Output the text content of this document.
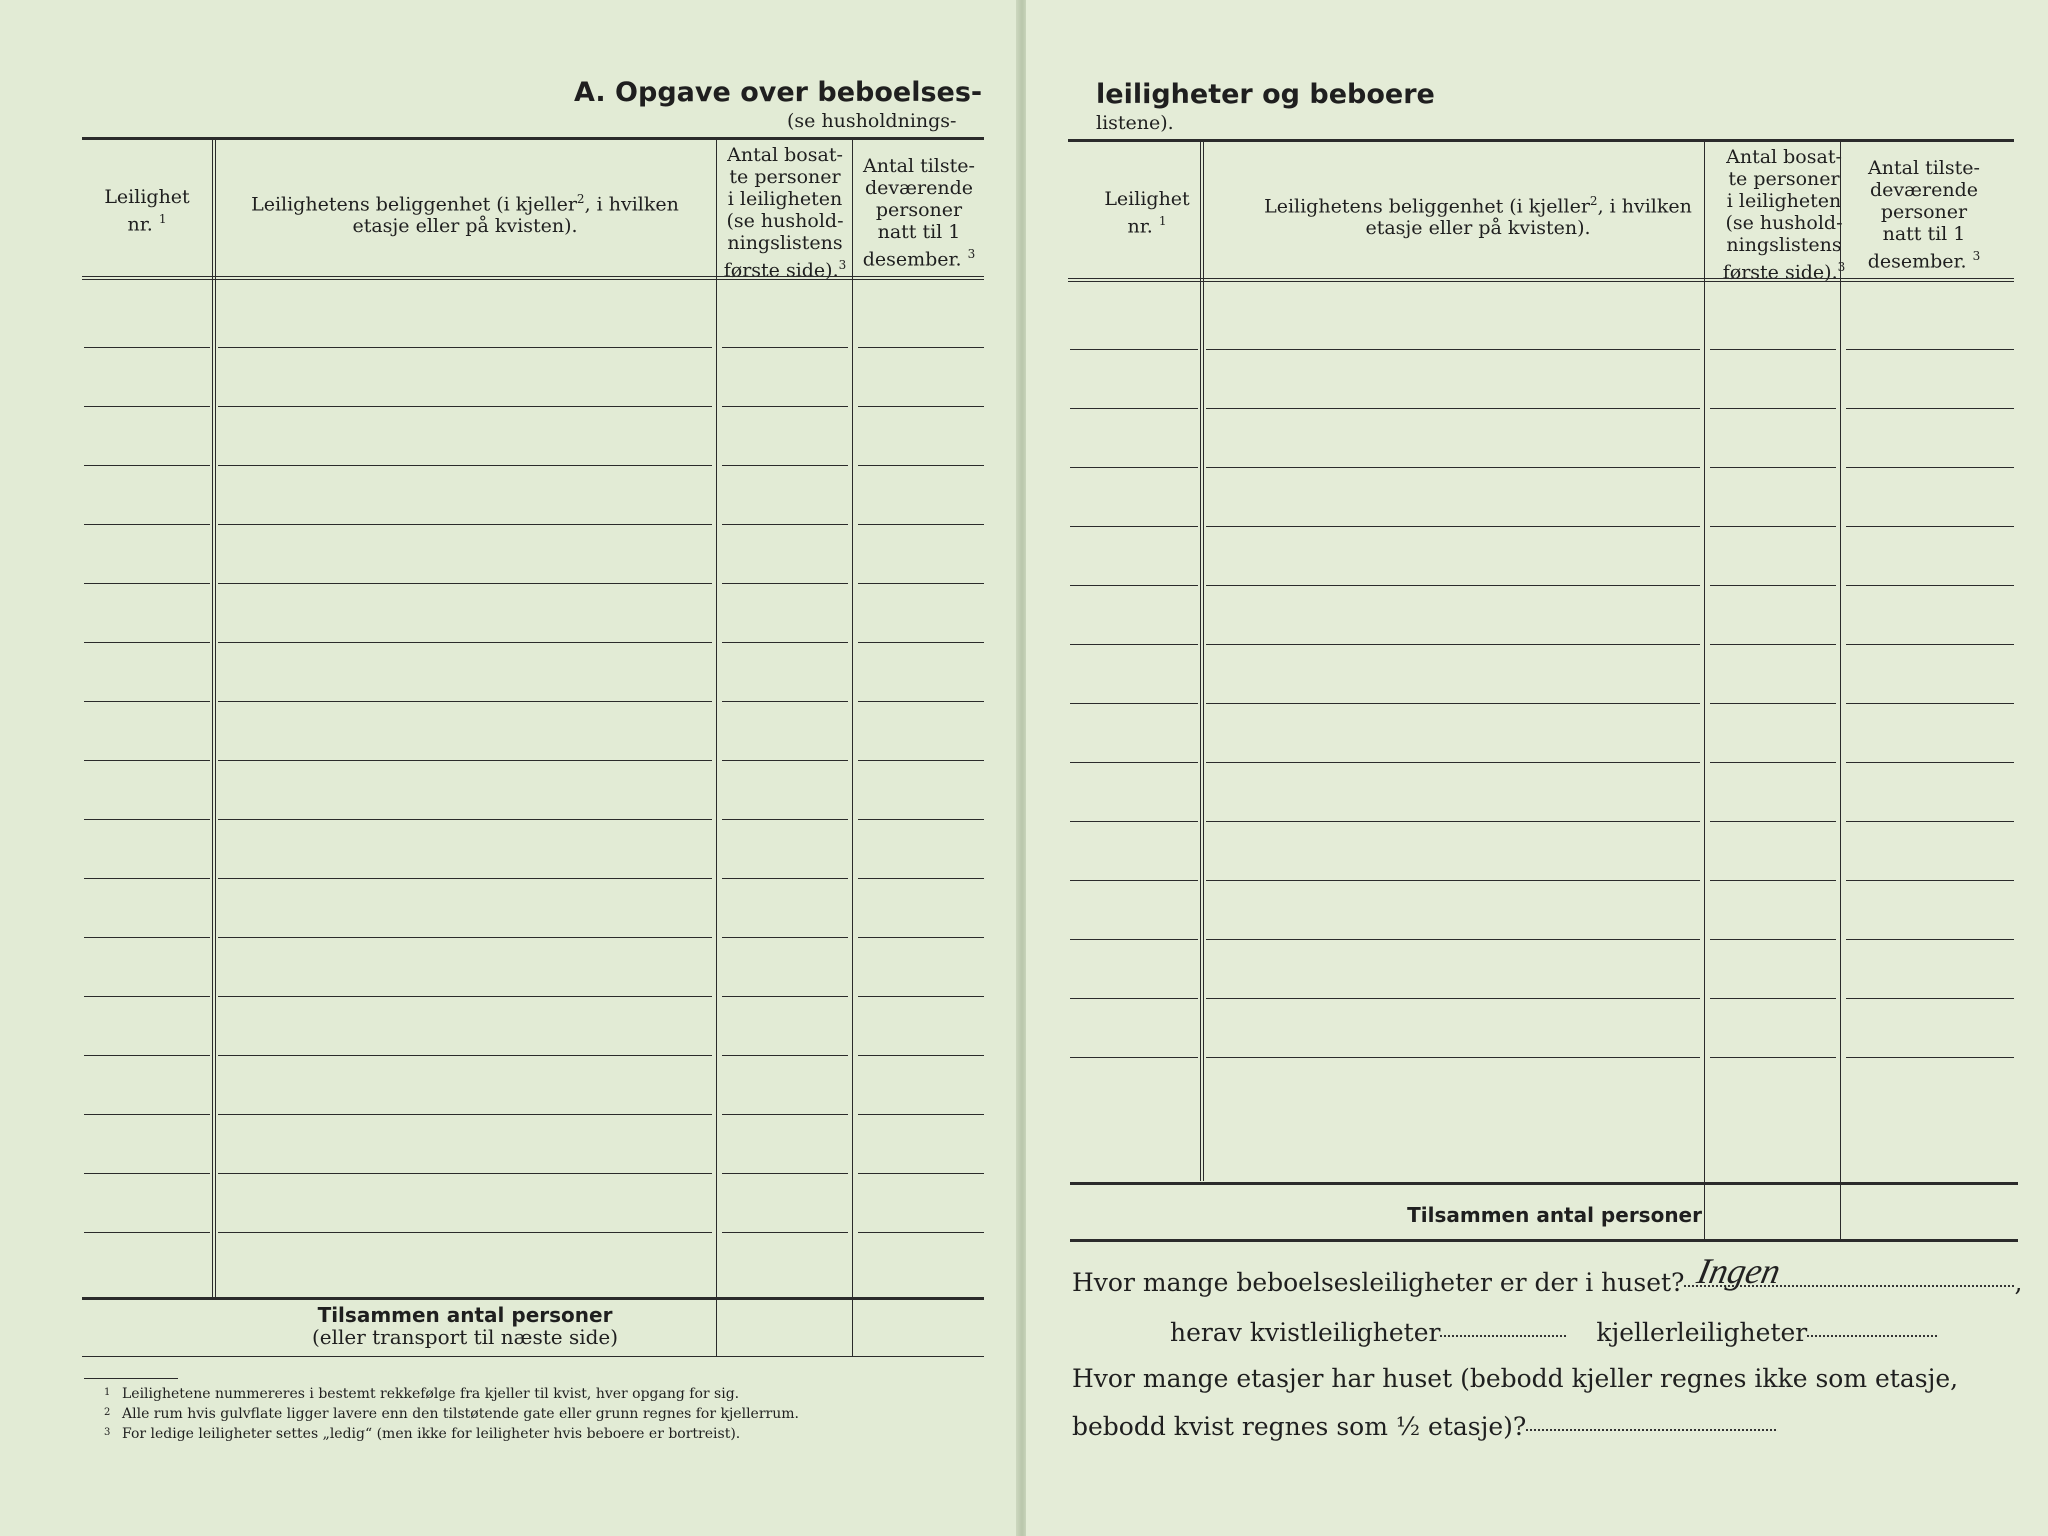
A. Opgave over beboelses-
(se husholdnings-
Leilighet
nr. $^1$
Leilighetens beliggenhet (i kjeller$^2$, i hvilken
etasje eller på kvisten).
Antal bosat-
te personer
i leiligheten
(se hushold-
ningslistens
første side).$^3$
Antal tilste-
deværende
personer
natt til 1
desember. $^3$
Tilsammen antal personer
(eller transport til næste side)
1 Leilighetene nummereres i bestemt rekkefølge fra kjeller til kvist, hver opgang for sig.
2 Alle rum hvis gulvflate ligger lavere enn den tilstøtende gate eller grunn regnes for kjellerrum.
3 For ledige leiligheter settes „ledig“ (men ikke for leiligheter hvis beboere er bortreist).
leiligheter og beboere
listene).
Leilighet
nr. $^1$
Leilighetens beliggenhet (i kjeller$^2$, i hvilken
etasje eller på kvisten).
Antal bosat-
te personer
i leiligheten
(se hushold-
ningslistens
første side).$^3$
Antal tilste-
deværende
personer
natt til 1
desember. $^3$
Tilsammen antal personer
Hvor mange beboelsesleiligheter er der i huset?	,
Ingen
herav kvistleiligheter	kjellerleiligheter
Hvor mange etasjer har huset (bebodd kjeller regnes ikke som etasje,
bebodd kvist regnes som ½ etasje)?
